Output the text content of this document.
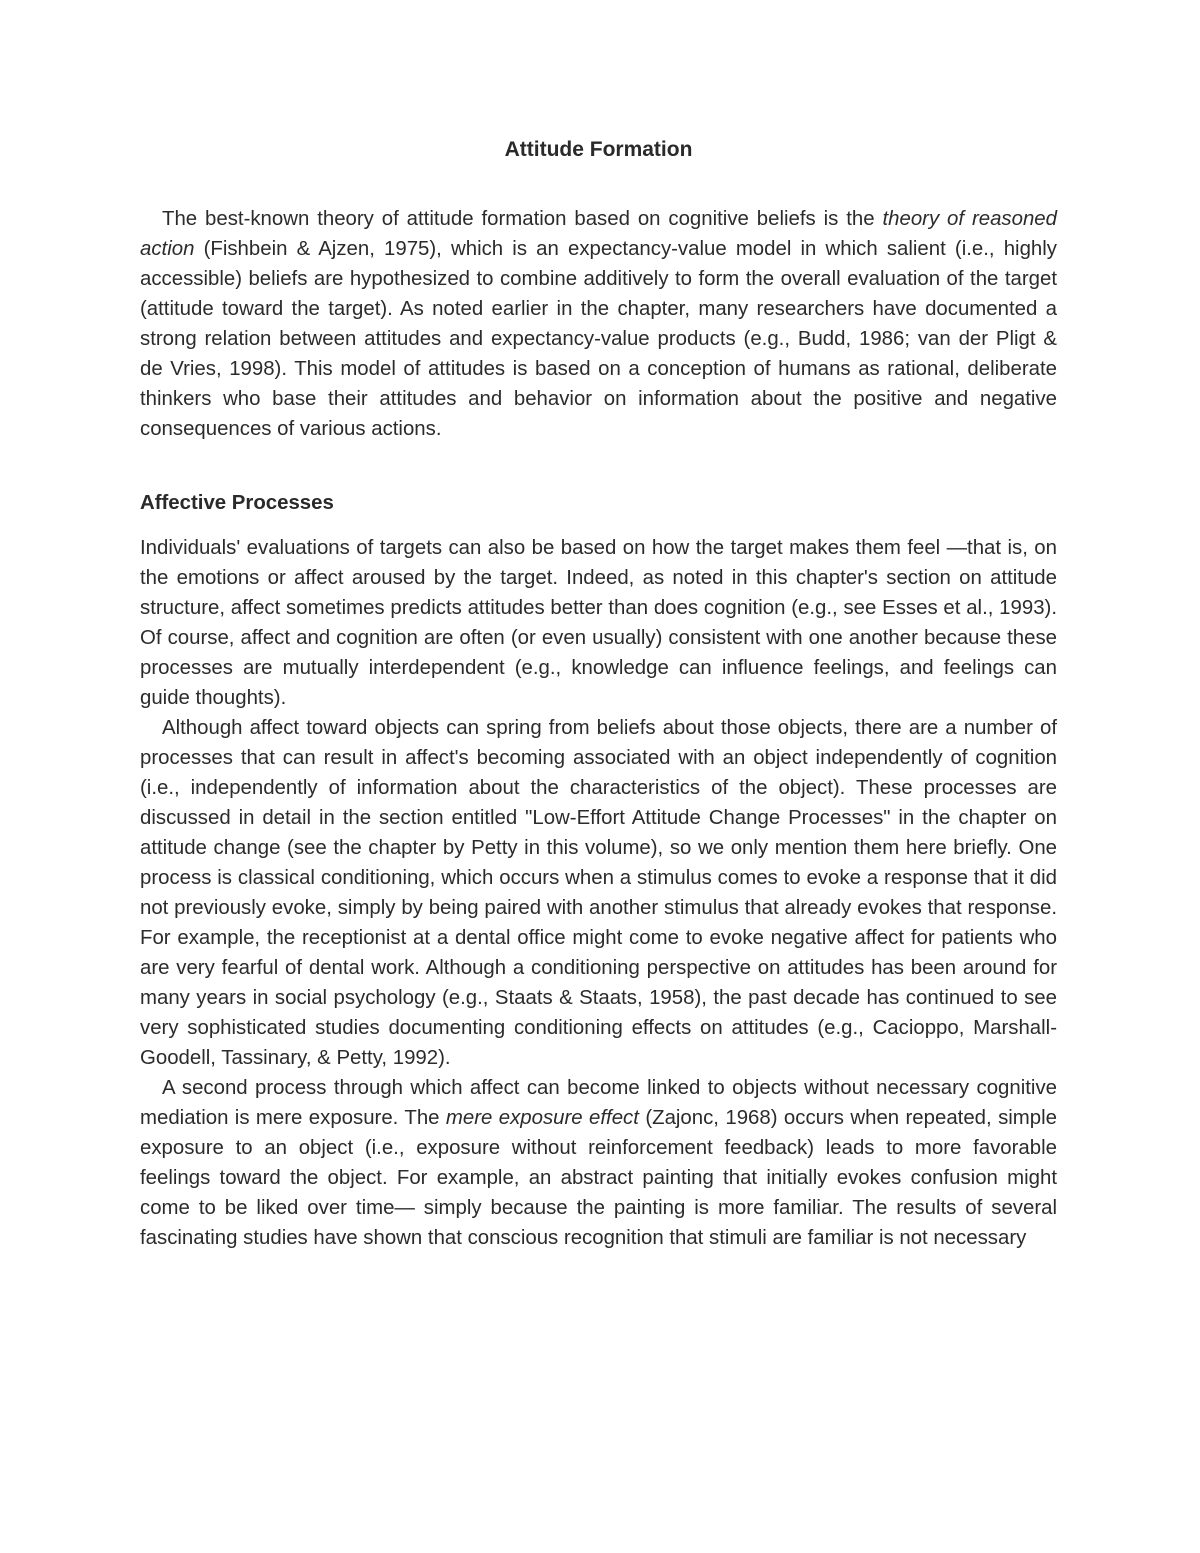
Attitude Formation

The best-known theory of attitude formation based on cognitive beliefs is the theory of reasoned action (Fishbein & Ajzen, 1975), which is an expectancy-value model in which salient (i.e., highly accessible) beliefs are hypothesized to combine additively to form the overall evaluation of the target (attitude toward the target). As noted earlier in the chapter, many researchers have documented a strong relation between attitudes and expectancy-value products (e.g., Budd, 1986; van der Pligt & de Vries, 1998). This model of attitudes is based on a conception of humans as rational, deliberate thinkers who base their attitudes and behavior on information about the positive and negative consequences of various actions.

Affective Processes

Individuals' evaluations of targets can also be based on how the target makes them feel —that is, on the emotions or affect aroused by the target. Indeed, as noted in this chapter's section on attitude structure, affect sometimes predicts attitudes better than does cognition (e.g., see Esses et al., 1993). Of course, affect and cognition are often (or even usually) consistent with one another because these processes are mutually interdependent (e.g., knowledge can influence feelings, and feelings can guide thoughts).

Although affect toward objects can spring from beliefs about those objects, there are a number of processes that can result in affect's becoming associated with an object independently of cognition (i.e., independently of information about the characteristics of the object). These processes are discussed in detail in the section entitled "Low-Effort Attitude Change Processes" in the chapter on attitude change (see the chapter by Petty in this volume), so we only mention them here briefly. One process is classical conditioning, which occurs when a stimulus comes to evoke a response that it did not previously evoke, simply by being paired with another stimulus that already evokes that response. For example, the receptionist at a dental office might come to evoke negative affect for patients who are very fearful of dental work. Although a conditioning perspective on attitudes has been around for many years in social psychology (e.g., Staats & Staats, 1958), the past decade has continued to see very sophisticated studies documenting conditioning effects on attitudes (e.g., Cacioppo, Marshall-Goodell, Tassinary, & Petty, 1992).

A second process through which affect can become linked to objects without necessary cognitive mediation is mere exposure. The mere exposure effect (Zajonc, 1968) occurs when repeated, simple exposure to an object (i.e., exposure without reinforcement feedback) leads to more favorable feelings toward the object. For example, an abstract painting that initially evokes confusion might come to be liked over time— simply because the painting is more familiar. The results of several fascinating studies have shown that conscious recognition that stimuli are familiar is not necessary
